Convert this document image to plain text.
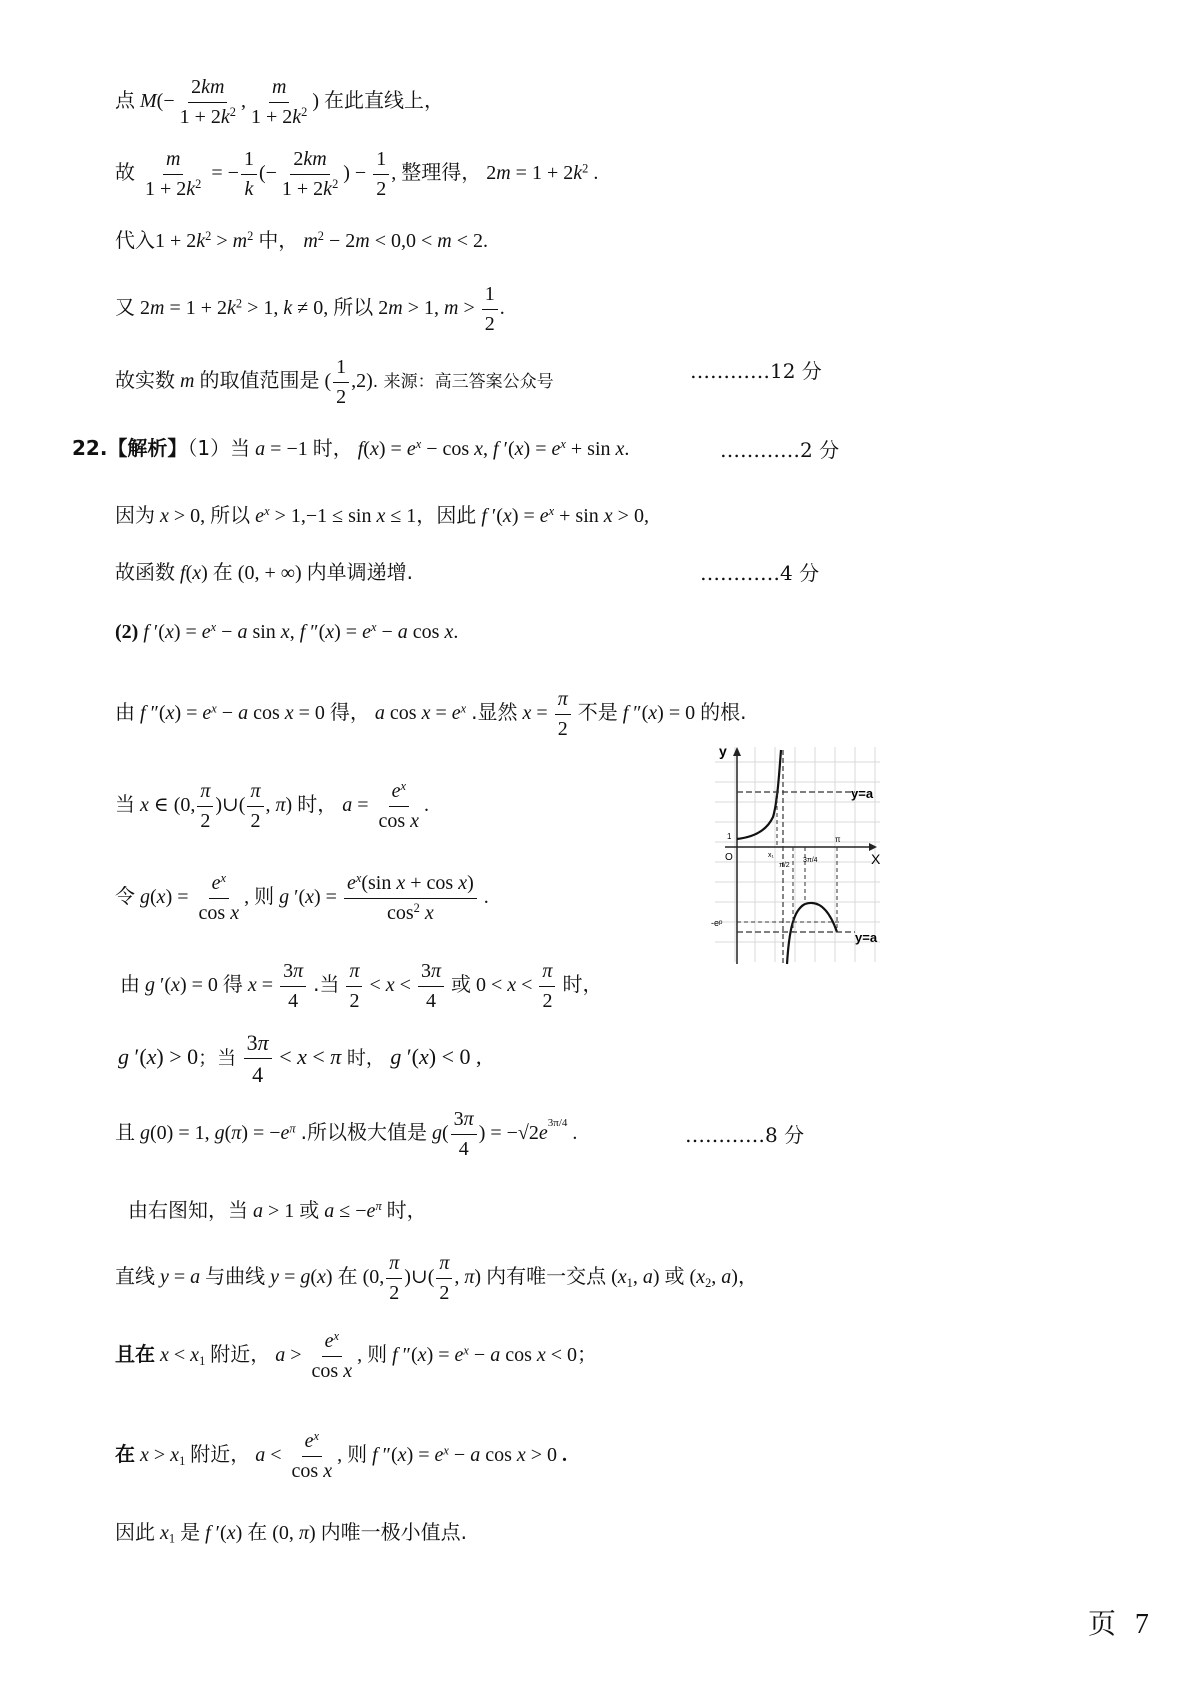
点 $M(- \frac{2km}{1 + 2k^2}$ , $\frac{m}{1 + 2k^2}$ ) 在此直线上，
故 $\frac{m}{1 + 2k^2}$ = − $\frac{1}{k}$ (− $\frac{2km}{1 + 2k^2}$ ) − $\frac{1}{2}$ , 整理得， $2m = 1 + 2k^2$ .
代入$1 + 2k^2 > m^2$ 中， $m^2 - 2m < 0,0 < m < 2$.
又 $2m = 1 + 2k^2 > 1$, k ≠ 0, 所以 2m > 1, $m > \frac{1}{2}$ .
故实数 m 的取值范围是 ( $\frac{1}{2} ,2$). 来源：高三答案公众号	…………12 分
22.【解析】（1）当 a = −1 时， $f(x) = e^x - \cos x$, f $'(x) = e^x + \sin x$.	…………2 分
因为 x > 0, 所以 $e^x > 1,-1 \le \sin x \le 1$，因此 f $'(x) = e^x + \sin x > 0$,
故函数 f(x) 在 (0, + ∞) 内单调递增.	…………4 分
(2) f $'(x) = e^x - a$ sin x, f $''(x) = e^x - a$ cos x.
由 f $''(x) = e^x - a$ cos x = 0 得， a $\cos x = e^x$ .显然 $x = \frac{\pi}{2}$ 不是 f ″(x) = 0 的根.
当 x ∈ (0, $\frac{\pi}{2}$ )∪( $\frac{\pi}{2}$ , π) 时， $a = \frac{e^x}{\text{cos x}}$ .
令 $g(x) = \frac{e^x}{\text{cos x}}$ , 则 g $'(x) = \frac{e^x(\sin x + \cos x)}{\cos^2 x}$ .
由 g ′(x) = 0 得 $x = \frac{3\pi}{4}$ .当 $\frac{\pi}{2} < x < \frac{3\pi}{4}$ 或 $0 < x < \frac{\pi}{2}$ 时，
g ′(x) > 0；当 $\frac{3\pi}{4} < x < \pi$ 时， g ′(x) < 0 ,
且 g(0) = 1, $g(\pi) = -e^\pi$ .所以极大值是 $g( \frac{3\pi}{4}$ ) = $-√2e^{3\pi/4}$ .	…………8 分
由右图知，当 a > 1 或 $a \le -e^\pi$ 时，
直线 y = a 与曲线 y = g(x) 在 (0, $\frac{\pi}{2}$ )∪( $\frac{\pi}{2}$ , π) 内有唯一交点 ($x_1$, a) 或 ($x_2$, a)，
且在 $x < x_1$ 附近， $a > \frac{e^x}{\text{cos x}}$ , 则 f $''(x) = e^x - a$ cos x < 0；
在 $x > x_1$ 附近， $a < \frac{e^x}{\text{cos x}}$ , 则 f $''(x) = e^x - a$ cos x > 0 .
因此 $x_1$ 是 f ′(x) 在 (0, π) 内唯一极小值点.
y
X
O
1
y=a
y=a
-eᵖ
x₁
π/2
3π/4
π
页 7
